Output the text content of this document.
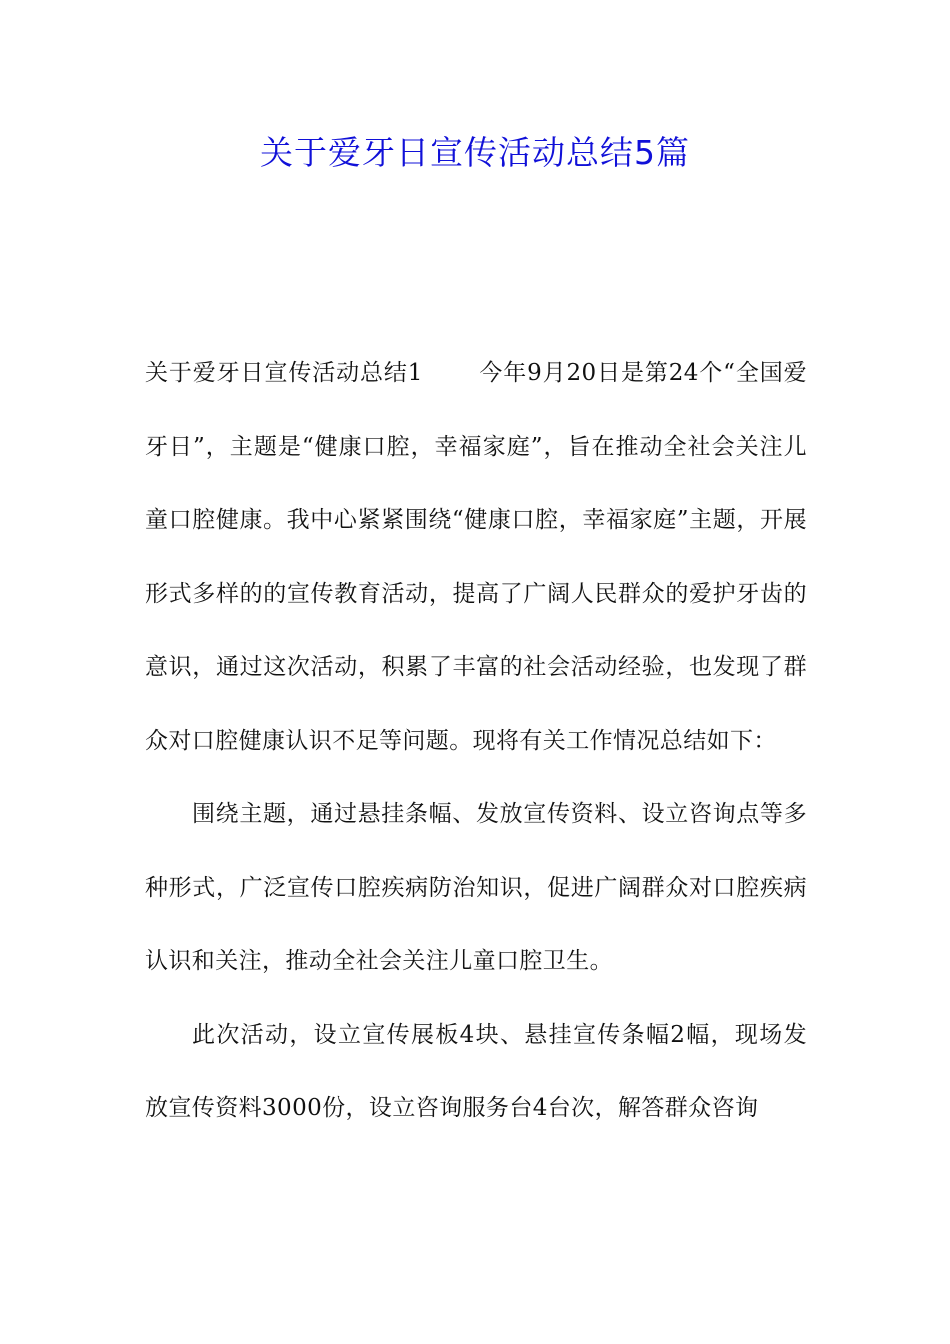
关于爱牙日宣传活动总结5篇

关于爱牙日宣传活动总结1 今年9月20日是第24个“全国爱牙日”，主题是“健康口腔，幸福家庭”，旨在推动全社会关注儿童口腔健康。我中心紧紧围绕“健康口腔，幸福家庭”主题，开展形式多样的的宣传教育活动，提高了广阔人民群众的爱护牙齿的意识，通过这次活动，积累了丰富的社会活动经验，也发现了群众对口腔健康认识不足等问题。现将有关工作情况总结如下：

围绕主题，通过悬挂条幅、发放宣传资料、设立咨询点等多种形式，广泛宣传口腔疾病防治知识，促进广阔群众对口腔疾病认识和关注，推动全社会关注儿童口腔卫生。

此次活动，设立宣传展板4块、悬挂宣传条幅2幅，现场发放宣传资料3000份，设立咨询服务台4台次，解答群众咨询
